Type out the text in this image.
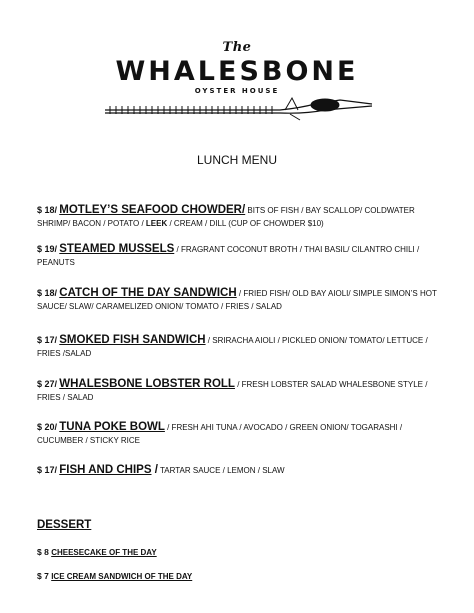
The
WHALESBONE
OYSTER HOUSE
LUNCH MENU
$ 18/ MOTLEY’S SEAFOOD CHOWDER/ BITS OF FISH / BAY SCALLOP/ COLDWATER SHRIMP/ BACON / POTATO / LEEK / CREAM / DILL (CUP OF CHOWDER $10)
$ 19/ STEAMED MUSSELS / FRAGRANT COCONUT BROTH / THAI BASIL/ CILANTRO CHILI / PEANUTS
$ 18/ CATCH OF THE DAY SANDWICH / FRIED FISH/ OLD BAY AIOLI/ SIMPLE SIMON’S HOT SAUCE/ SLAW/ CARAMELIZED ONION/ TOMATO / FRIES / SALAD
$ 17/ SMOKED FISH SANDWICH / SRIRACHA AIOLI / PICKLED ONION/ TOMATO/ LETTUCE / FRIES /SALAD
$ 27/ WHALESBONE LOBSTER ROLL / FRESH LOBSTER SALAD WHALESBONE STYLE / FRIES / SALAD
$ 20/ TUNA POKE BOWL / FRESH AHI TUNA / AVOCADO / GREEN ONION/ TOGARASHI / CUCUMBER / STICKY RICE
$ 17/ FISH AND CHIPS / TARTAR SAUCE / LEMON / SLAW
DESSERT
$ 8 CHEESECAKE OF THE DAY
$ 7 ICE CREAM SANDWICH OF THE DAY
